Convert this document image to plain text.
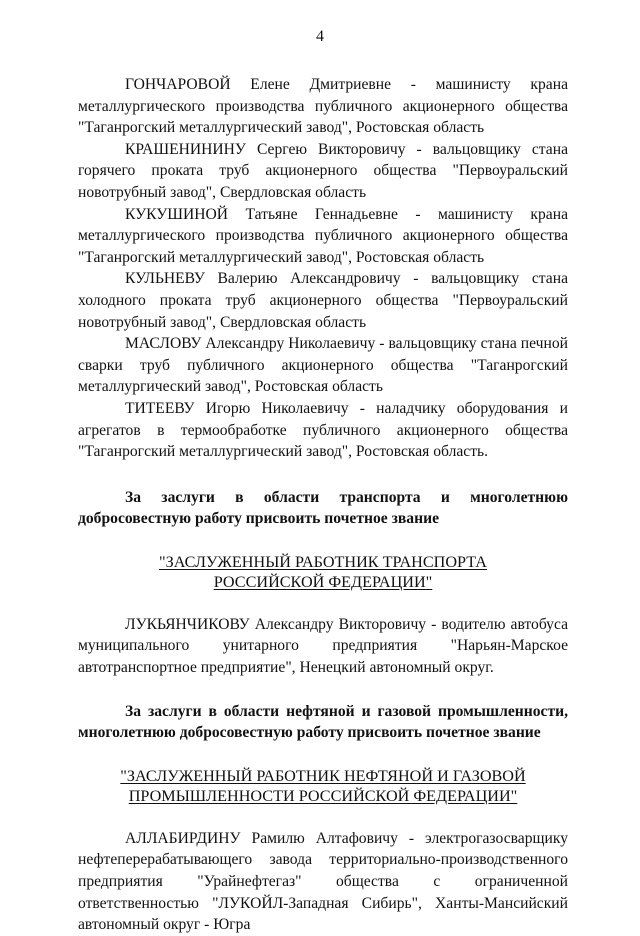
4

ГОНЧАРОВОЙ Елене Дмитриевне - машинисту крана металлургического производства публичного акционерного общества "Таганрогский металлургический завод", Ростовская область

КРАШЕНИНИНУ Сергею Викторовичу - вальцовщику стана горячего проката труб акционерного общества "Первоуральский новотрубный завод", Свердловская область

КУКУШИНОЙ Татьяне Геннадьевне - машинисту крана металлургического производства публичного акционерного общества "Таганрогский металлургический завод", Ростовская область

КУЛЬНЕВУ Валерию Александровичу - вальцовщику стана холодного проката труб акционерного общества "Первоуральский новотрубный завод", Свердловская область

МАСЛОВУ Александру Николаевичу - вальцовщику стана печной сварки труб публичного акционерного общества "Таганрогский металлургический завод", Ростовская область

ТИТЕЕВУ Игорю Николаевичу - наладчику оборудования и агрегатов в термообработке публичного акционерного общества "Таганрогский металлургический завод", Ростовская область.

За заслуги в области транспорта и многолетнюю добросовестную работу присвоить почетное звание

"ЗАСЛУЖЕННЫЙ РАБОТНИК ТРАНСПОРТА
РОССИЙСКОЙ ФЕДЕРАЦИИ"

ЛУКЬЯНЧИКОВУ Александру Викторовичу - водителю автобуса муниципального унитарного предприятия "Нарьян-Марское автотранспортное предприятие", Ненецкий автономный округ.

За заслуги в области нефтяной и газовой промышленности, многолетнюю добросовестную работу присвоить почетное звание

"ЗАСЛУЖЕННЫЙ РАБОТНИК НЕФТЯНОЙ И ГАЗОВОЙ
ПРОМЫШЛЕННОСТИ РОССИЙСКОЙ ФЕДЕРАЦИИ"

АЛЛАБИРДИНУ Рамилю Алтафовичу - электрогазосварщику нефтеперерабатывающего завода территориально-производственного предприятия "Урайнефтегаз" общества с ограниченной ответственностью "ЛУКОЙЛ-Западная Сибирь", Ханты-Мансийский автономный округ - Югра
